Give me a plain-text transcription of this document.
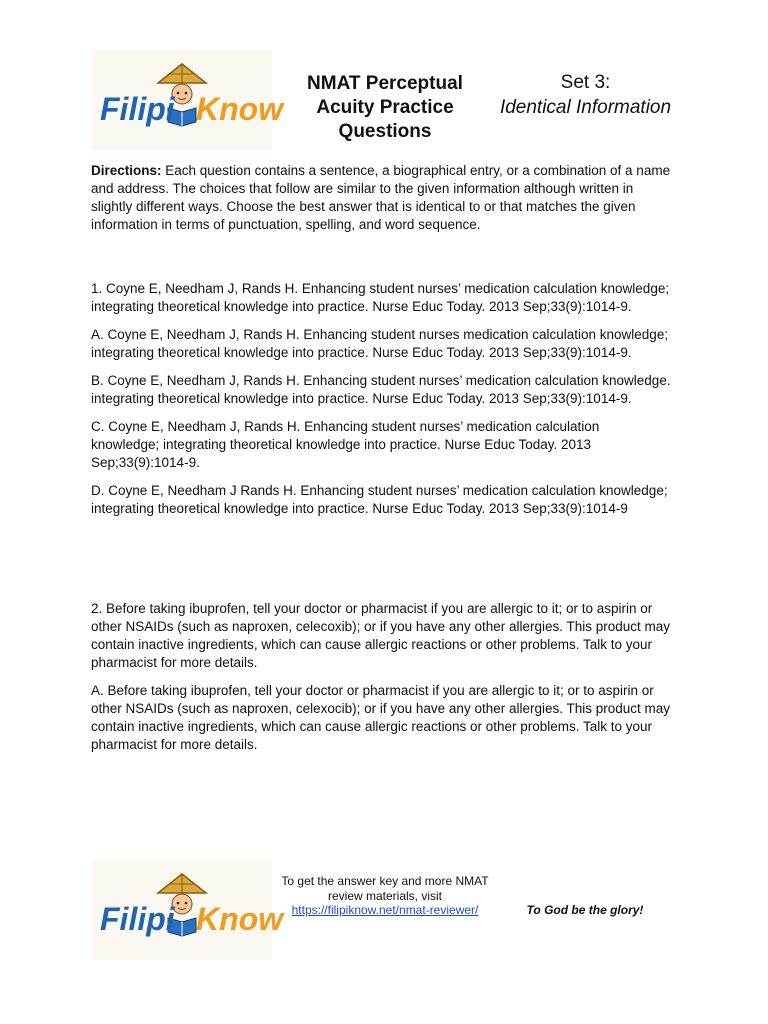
Filipi Know
NMAT Perceptual Acuity Practice Questions
Set 3:
Identical Information

Directions: Each question contains a sentence, a biographical entry, or a combination of a name and address. The choices that follow are similar to the given information although written in slightly different ways. Choose the best answer that is identical to or that matches the given information in terms of punctuation, spelling, and word sequence.

1. Coyne E, Needham J, Rands H. Enhancing student nurses’ medication calculation knowledge; integrating theoretical knowledge into practice. Nurse Educ Today. 2013 Sep;33(9):1014-9.

A. Coyne E, Needham J, Rands H. Enhancing student nurses medication calculation knowledge; integrating theoretical knowledge into practice. Nurse Educ Today. 2013 Sep;33(9):1014-9.

B. Coyne E, Needham J, Rands H. Enhancing student nurses’ medication calculation knowledge. integrating theoretical knowledge into practice. Nurse Educ Today. 2013 Sep;33(9):1014-9.

C. Coyne E, Needham J, Rands H. Enhancing student nurses’ medication calculation knowledge; integrating theoretical knowledge into practice. Nurse Educ Today. 2013 Sep;33(9):1014-9.

D. Coyne E, Needham J Rands H. Enhancing student nurses’ medication calculation knowledge; integrating theoretical knowledge into practice. Nurse Educ Today. 2013 Sep;33(9):1014-9

2. Before taking ibuprofen, tell your doctor or pharmacist if you are allergic to it; or to aspirin or other NSAIDs (such as naproxen, celecoxib); or if you have any other allergies. This product may contain inactive ingredients, which can cause allergic reactions or other problems. Talk to your pharmacist for more details.

A. Before taking ibuprofen, tell your doctor or pharmacist if you are allergic to it; or to aspirin or other NSAIDs (such as naproxen, celexocib); or if you have any other allergies. This product may contain inactive ingredients, which can cause allergic reactions or other problems. Talk to your pharmacist for more details.

Filipi Know
To get the answer key and more NMAT review materials, visit
https://filipiknow.net/nmat-reviewer/	To God be the glory!
